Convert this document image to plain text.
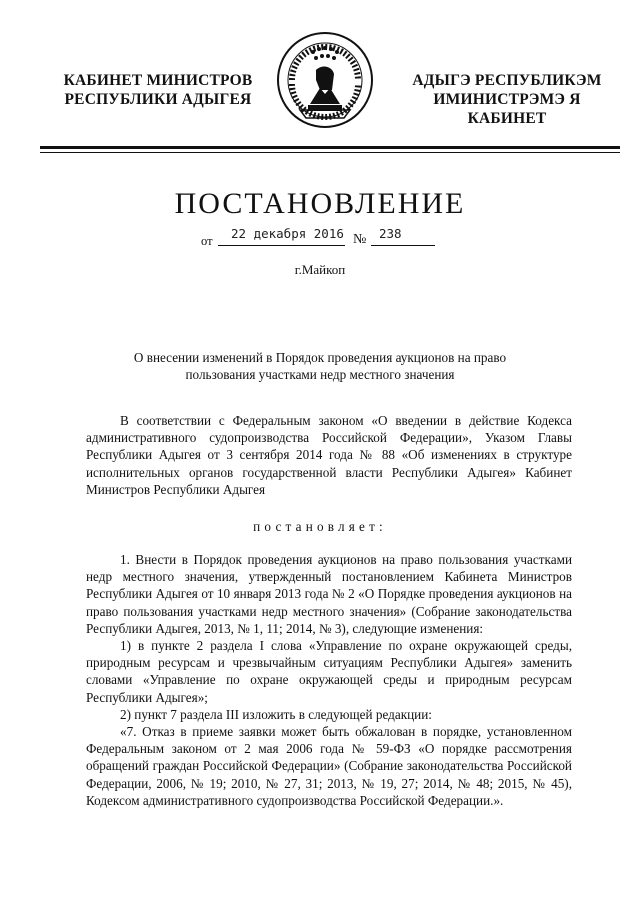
КАБИНЕТ МИНИСТРОВ
РЕСПУБЛИКИ АДЫГЕЯ
АДЫГЭ РЕСПУБЛИКЭМ
ИМИНИСТРЭМЭ Я КАБИНЕТ
ПОСТАНОВЛЕНИЕ
от 22 декабря 2016 № 238
г.Майкоп
О внесении изменений в Порядок проведения аукционов на право
пользования участками недр местного значения

В соответствии с Федеральным законом «О введении в действие Кодекса административного судопроизводства Российской Федерации», Указом Главы Республики Адыгея от 3 сентября 2014 года № 88 «Об изменениях в структуре исполнительных органов государственной власти Республики Адыгея» Кабинет Министров Республики Адыгея

постановляет:

1. Внести в Порядок проведения аукционов на право пользования участками недр местного значения, утвержденный постановлением Кабинета Министров Республики Адыгея от 10 января 2013 года № 2 «О Порядке проведения аукционов на право пользования участками недр местного значения» (Собрание законодательства Республики Адыгея, 2013, № 1, 11; 2014, № 3), следующие изменения:

1) в пункте 2 раздела I слова «Управление по охране окружающей среды, природным ресурсам и чрезвычайным ситуациям Республики Адыгея» заменить словами «Управление по охране окружающей среды и природным ресурсам Республики Адыгея»;

2) пункт 7 раздела III изложить в следующей редакции:

«7. Отказ в приеме заявки может быть обжалован в порядке, установленном Федеральным законом от 2 мая 2006 года № 59-ФЗ «О порядке рассмотрения обращений граждан Российской Федерации» (Собрание законодательства Российской Федерации, 2006, № 19; 2010, № 27, 31; 2013, № 19, 27; 2014, № 48; 2015, № 45), Кодексом административного судопроизводства Российской Федерации.».
